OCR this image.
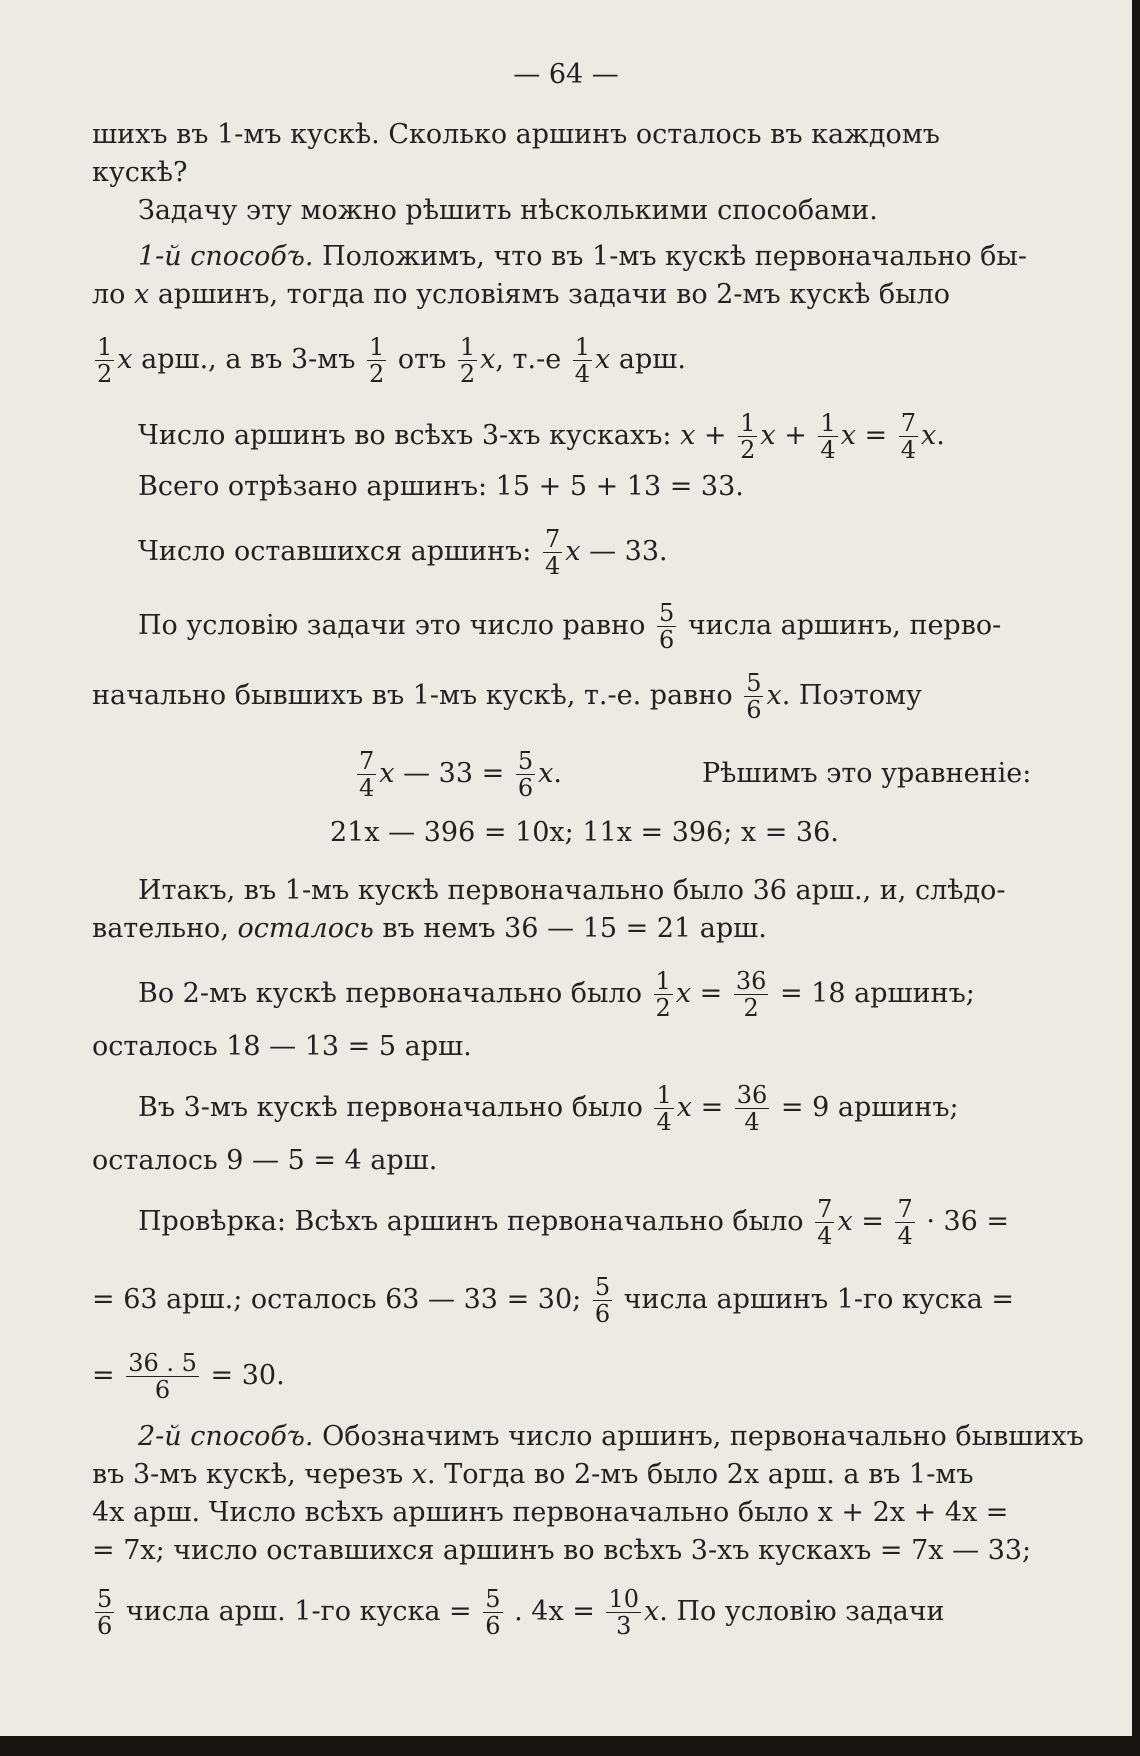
— 64 —
шихъ въ 1-мъ кускѣ. Сколько аршинъ осталось въ каждомъ
кускѣ?
Задачу эту можно рѣшить нѣсколькими способами.
1-й способъ. Положимъ, что въ 1-мъ кускѣ первоначально бы-
ло x аршинъ, тогда по условіямъ задачи во 2-мъ кускѣ было
$\frac{1}{2}$ x арш., а въ $3-мъ \frac{1}{2}$ отъ $\frac{1}{2} x$, $т.-е \frac{1}{4}$ x арш.
Число аршинъ во всѣхъ 3-хъ кускахъ: $x + \frac{1}{2}$ $x + \frac{1}{4}$ $x = \frac{7}{4} x$.
Всего отрѣзано аршинъ: 15 + 5 + 13 = 33.
Число оставшихся аршинъ: $\frac{7}{4}$ x — 33.
По условію задачи это число равно $\frac{5}{6}$ числа аршинъ, перво-
начально бывшихъ въ 1-мъ кускѣ, т.-е. равно $\frac{5}{6} x$. Поэтому
$\frac{7}{4}$ x — $33 = \frac{5}{6} x$.	Рѣшимъ это уравненіе:
21x — 396 = 10x; 11x = 396; x = 36.
Итакъ, въ 1-мъ кускѣ первоначально было 36 арш., и, слѣдо-
вательно, осталось въ немъ 36 — 15 = 21 арш.
Во 2-мъ кускѣ первоначально было $\frac{1}{2}$ $x = \frac{36}{2} = 18$ аршинъ;
осталось 18 — 13 = 5 арш.
Въ 3-мъ кускѣ первоначально было $\frac{1}{4}$ $x = \frac{36}{4} = 9$ аршинъ;
осталось 9 — 5 = 4 арш.
Провѣрка: Всѣхъ аршинъ первоначально было $\frac{7}{4}$ $x = \frac{7}{4} \cdot 36$ =
= 63 арш.; осталось 63 — 33 = 30; $\frac{5}{6}$ числа аршинъ 1-го куска =
= $\frac{36 . 5}{6} = 30$.
2-й способъ. Обозначимъ число аршинъ, первоначально бывшихъ
въ 3-мъ кускѣ, черезъ x. Тогда во 2-мъ было 2x арш. а въ 1-мъ
4x арш. Число всѣхъ аршинъ первоначально было x + 2x + 4x =
= 7x; число оставшихся аршинъ во всѣхъ 3-хъ кускахъ = 7x — 33;
$\frac{5}{6}$ числа арш. 1-го куска = $\frac{5}{6}$ . $4x = \frac{10}{3} x$. По условію задачи
